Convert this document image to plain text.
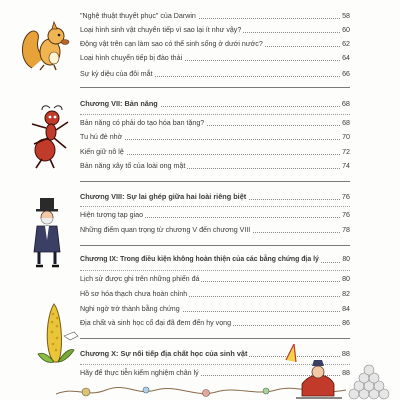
"Nghệ thuật thuyết phục" của Darwin	58
Loại hình sinh vật chuyển tiếp vì sao lại ít như vậy?	60
Động vật trên cạn làm sao có thể sinh sống ở dưới nước?	62
Loại hình chuyển tiếp bị đào thải	64
Sự kỳ diệu của đôi mắt	66
Chương VII: Bản năng	68
Bản năng có phải do tạo hóa ban tặng?	68
Tu hú đẻ nhờ	70
Kiến giữ nô lệ	72
Bản năng xây tổ của loài ong mật	74
Chương VIII: Sự lai ghép giữa hai loài riêng biệt	76
Hiện tượng tạp giao	76
Những điểm quan trọng từ chương V đến chương VIII	78
Chương IX: Trong điều kiện không hoàn thiện của các bằng chứng địa lý	80
Lịch sử được ghi trên những phiến đá	80
Hồ sơ hóa thạch chưa hoàn chỉnh	82
Nghi ngờ trở thành bằng chứng	84
Địa chất và sinh học cổ đại đã đem đến hy vọng	86
Chương X: Sự nối tiếp địa chất học của sinh vật	88
Hãy để thực tiễn kiểm nghiệm chân lý	88
